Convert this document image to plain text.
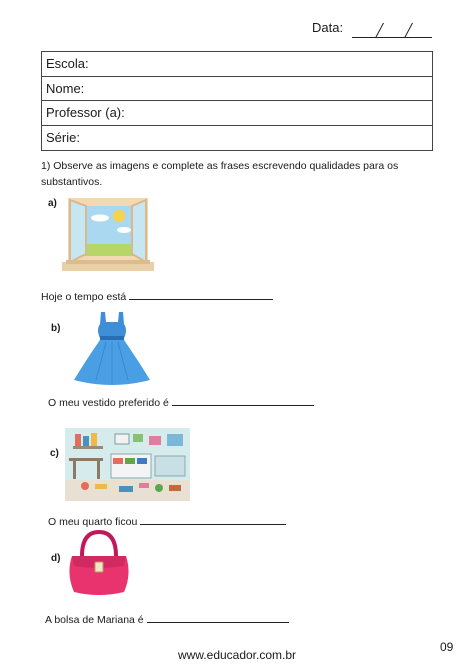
Data:
Escola:
Nome:
Professor (a):
Série:
1) Observe as imagens e complete as frases escrevendo qualidades para os substantivos.
a)
Hoje o tempo está
b)
O meu vestido preferido é
c)
O meu quarto ficou
d)
A bolsa de Mariana é
www.educador.com.br
09
